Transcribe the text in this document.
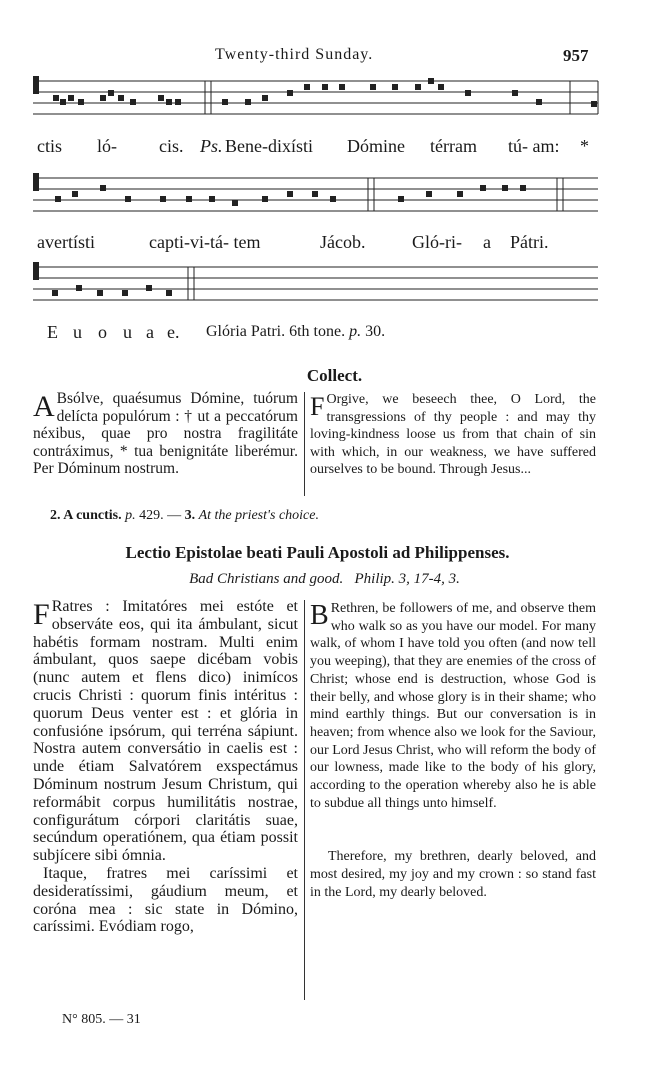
Twenty-third Sunday.	957
ctis ló- cis. Ps. Bene-dixísti Dómine térram tú- am: *
avertísti	capti-vi-tá- tem	Jácob.	Gló-ri- a Pátri.
E u o u a e. Glória Patri. 6th tone. p. 30.
Collect.
A Bsólve, quaésumus Dómine, tuórum delícta populórum : † ut a peccatórum néxibus, quae pro nostra fragilitáte contráximus, * tua benignitáte liberémur. Per Dóminum nostrum.
F Orgive, we beseech thee, O Lord, the transgressions of thy people : and may thy loving-kindness loose us from that chain of sin with which, in our weakness, we have suffered ourselves to be bound. Through Jesus...
2. A cunctis. p. 429. — 3. At the priest's choice.
Lectio Epistolae beati Pauli Apostoli ad Philippenses.
Bad Christians and good. Philip. 3, 17-4, 3.

F Ratres : Imitatóres mei estóte et observáte eos, qui ita ámbulant, sicut habétis formam nostram. Multi enim ámbulant, quos saepe dicébam vobis (nunc autem et flens dico) inimícos crucis Christi : quorum finis intéritus : quorum Deus venter est : et glória in confusióne ipsórum, qui terréna sápiunt. Nostra autem conversátio in caelis est : unde étiam Salvatórem exspectámus Dóminum nostrum Jesum Christum, qui reformábit corpus humilitátis nostrae, configurátum córpori claritátis suae, secúndum operatiónem, qua étiam possit subjícere sibi ómnia.

Itaque, fratres mei caríssimi et desideratíssimi, gáudium meum, et coróna mea : sic state in Dómino, caríssimi. Evódiam rogo,

B Rethren, be followers of me, and observe them who walk so as you have our model. For many walk, of whom I have told you often (and now tell you weeping), that they are enemies of the cross of Christ; whose end is destruction, whose God is their belly, and whose glory is in their shame; who mind earthly things. But our conversation is in heaven; from whence also we look for the Saviour, our Lord Jesus Christ, who will reform the body of our lowness, made like to the body of his glory, according to the operation whereby also he is able to subdue all things unto himself.

Therefore, my brethren, dearly beloved, and most desired, my joy and my crown : so stand fast in the Lord, my dearly beloved.

N° 805. — 31
